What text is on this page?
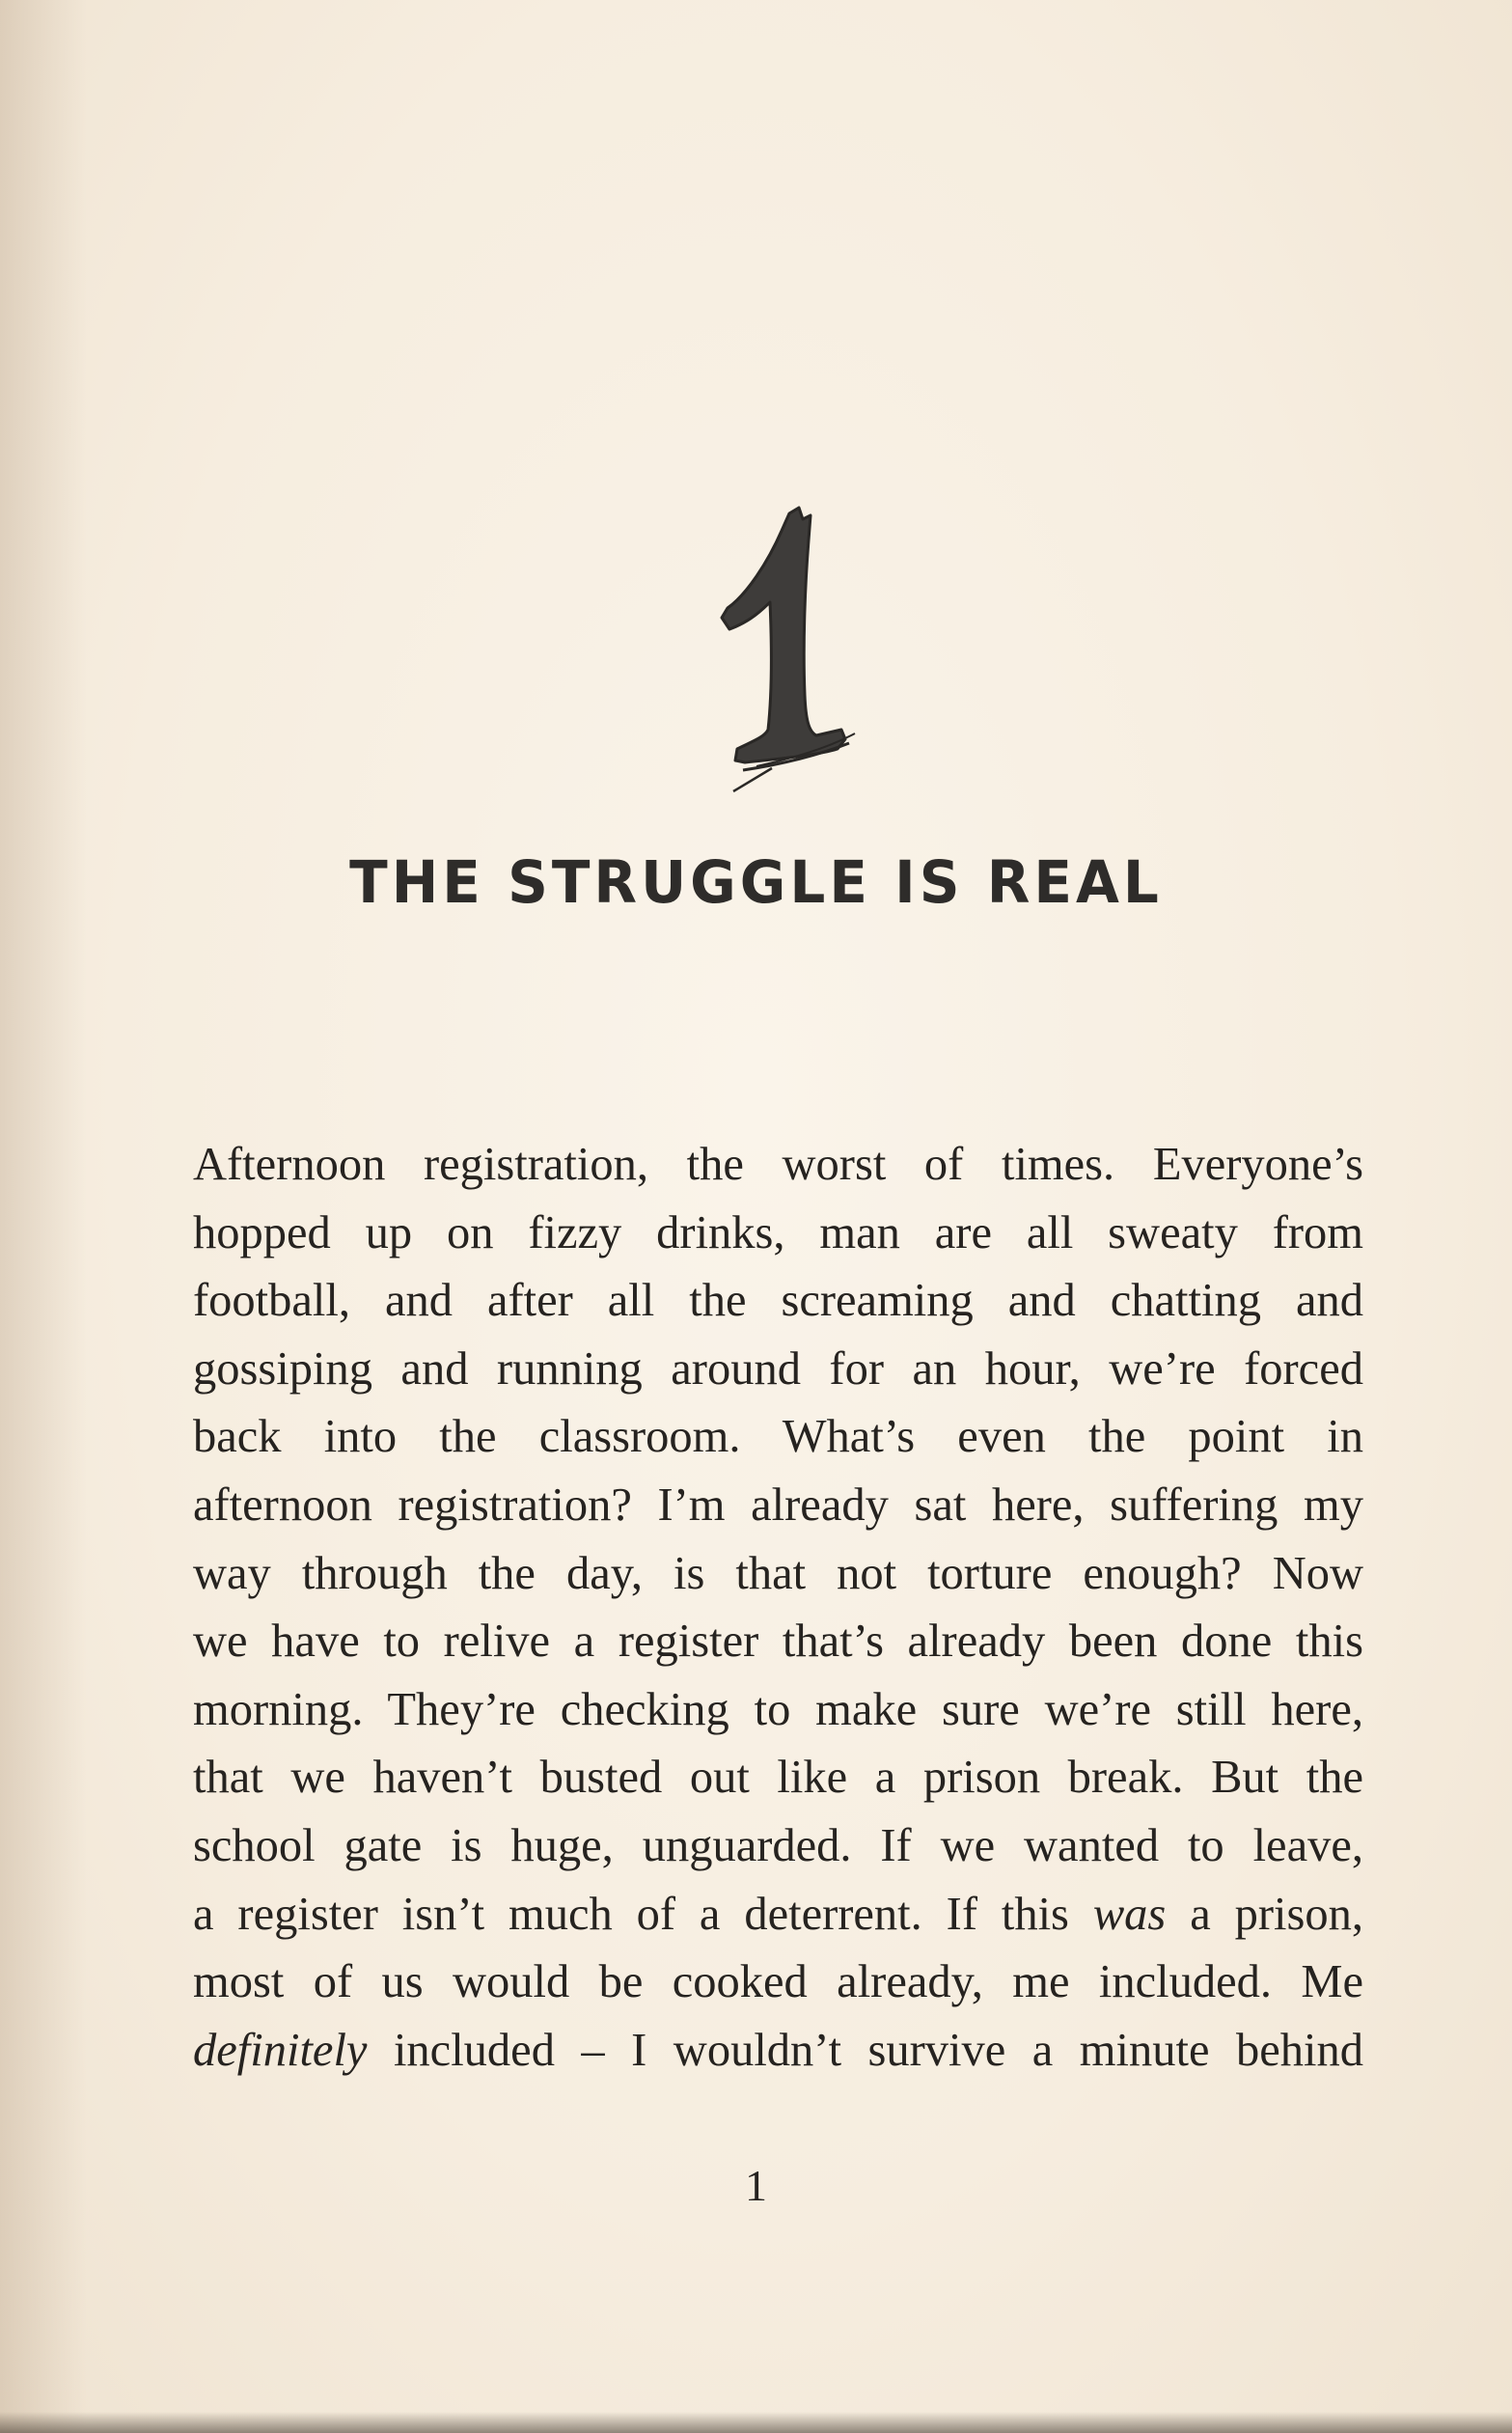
THE STRUGGLE IS REAL
Afternoon registration, the worst of times. Everyone’s
hopped up on fizzy drinks, man are all sweaty from
football, and after all the screaming and chatting and
gossiping and running around for an hour, we’re forced
back into the classroom. What’s even the point in
afternoon registration? I’m already sat here, suffering my
way through the day, is that not torture enough? Now
we have to relive a register that’s already been done this
morning. They’re checking to make sure we’re still here,
that we haven’t busted out like a prison break. But the
school gate is huge, unguarded. If we wanted to leave,
a register isn’t much of a deterrent. If this was a prison,
most of us would be cooked already, me included. Me
definitely included – I wouldn’t survive a minute behind
1
